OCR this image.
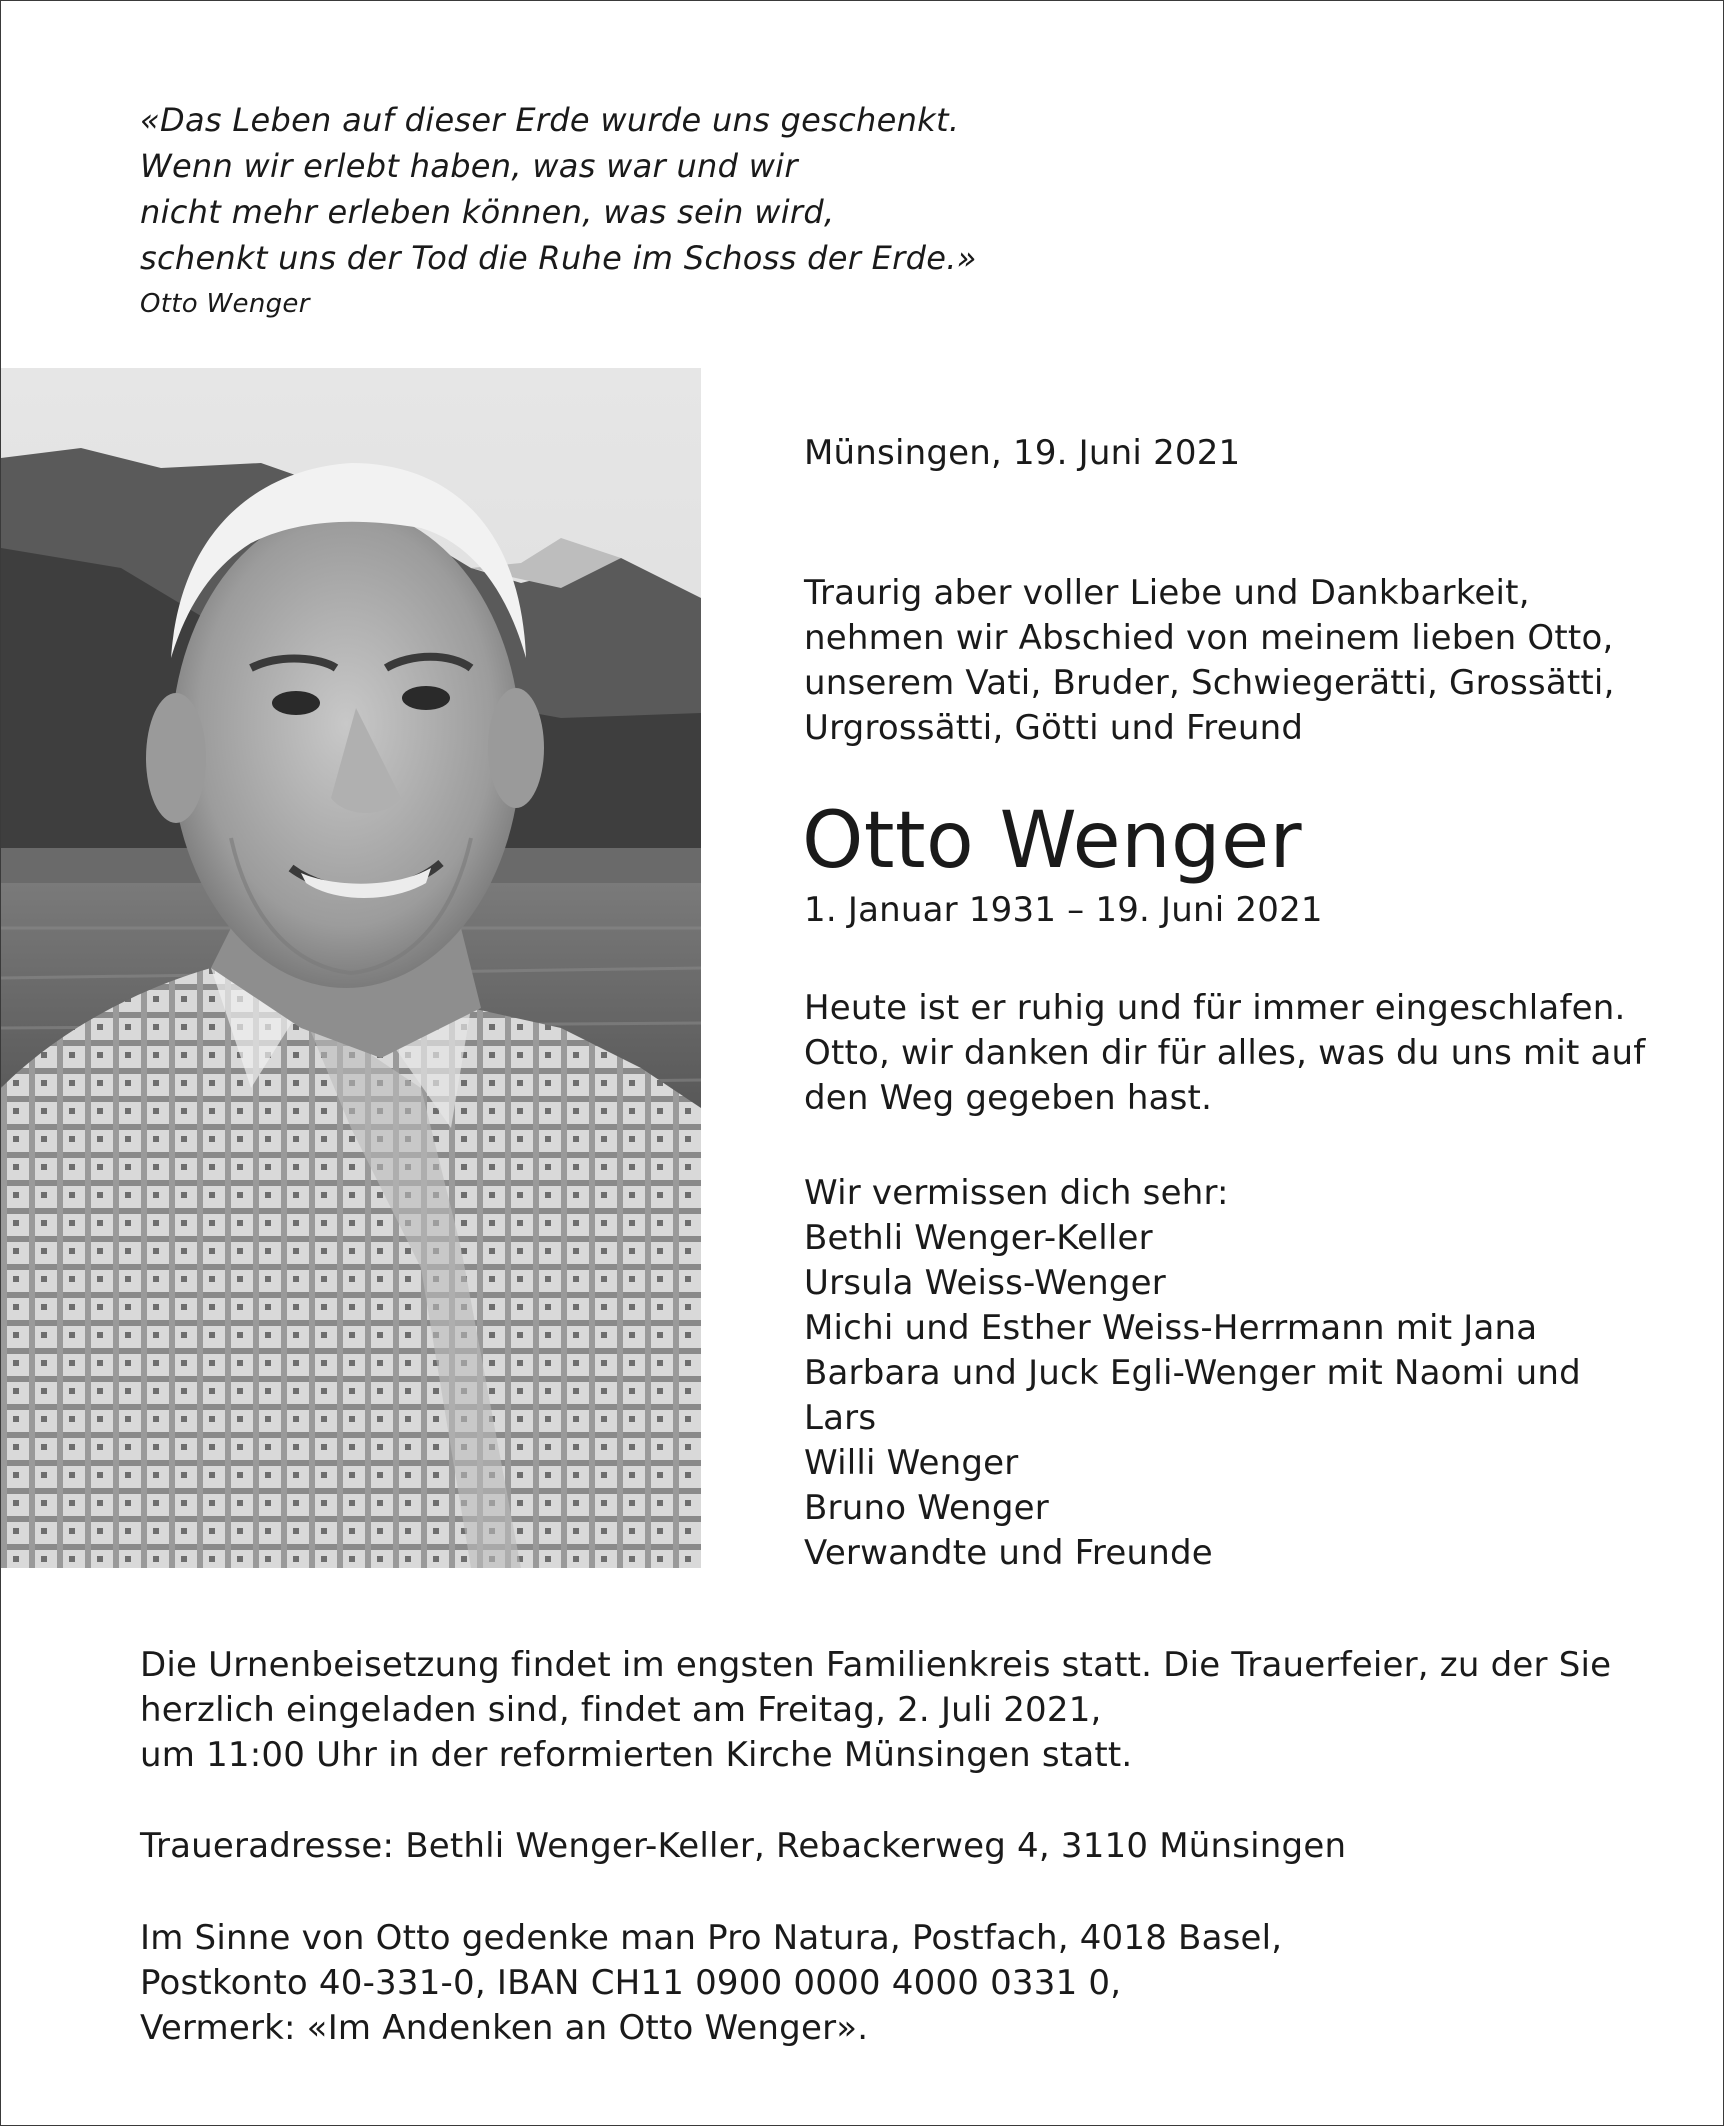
«Das Leben auf dieser Erde wurde uns geschenkt.
Wenn wir erlebt haben, was war und wir
nicht mehr erleben können, was sein wird,
schenkt uns der Tod die Ruhe im Schoss der Erde.»
Otto Wenger
Münsingen, 19. Juni 2021
Traurig aber voller Liebe und Dankbarkeit,
nehmen wir Abschied von meinem lieben Otto,
unserem Vati, Bruder, Schwiegerätti, Grossätti,
Urgrossätti, Götti und Freund
Otto Wenger
1. Januar 1931 – 19. Juni 2021
Heute ist er ruhig und für immer eingeschlafen.
Otto, wir danken dir für alles, was du uns mit auf
den Weg gegeben hast.
Wir vermissen dich sehr:
Bethli Wenger-Keller
Ursula Weiss-Wenger
Michi und Esther Weiss-Herrmann mit Jana
Barbara und Juck Egli-Wenger mit Naomi und
Lars
Willi Wenger
Bruno Wenger
Verwandte und Freunde
Die Urnenbeisetzung findet im engsten Familienkreis statt. Die Trauerfeier, zu der Sie
herzlich eingeladen sind, findet am Freitag, 2. Juli 2021,
um 11:00 Uhr in der reformierten Kirche Münsingen statt.
Traueradresse: Bethli Wenger-Keller, Rebackerweg 4, 3110 Münsingen
Im Sinne von Otto gedenke man Pro Natura, Postfach, 4018 Basel,
Postkonto 40-331-0, IBAN CH11 0900 0000 4000 0331 0,
Vermerk: «Im Andenken an Otto Wenger».
